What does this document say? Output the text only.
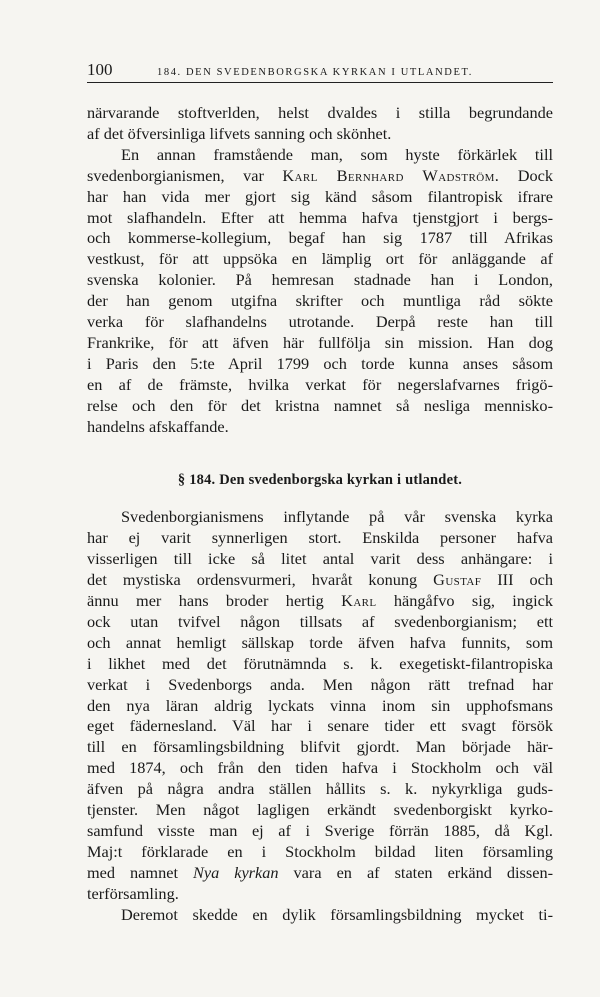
100	184. DEN SVEDENBORGSKA KYRKAN I UTLANDET.
närvarande stoftverlden, helst dvaldes i stilla begrundande
af det öfversinliga lifvets sanning och skönhet.
En annan framstående man, som hyste förkärlek till
svedenborgianismen, var Karl Bernhard Wadström. Dock
har han vida mer gjort sig känd såsom filantropisk ifrare
mot slafhandeln. Efter att hemma hafva tjenstgjort i bergs-
och kommerse-kollegium, begaf han sig 1787 till Afrikas
vestkust, för att uppsöka en lämplig ort för anläggande af
svenska kolonier. På hemresan stadnade han i London,
der han genom utgifna skrifter och muntliga råd sökte
verka för slafhandelns utrotande. Derpå reste han till
Frankrike, för att äfven här fullfölja sin mission. Han dog
i Paris den 5:te April 1799 och torde kunna anses såsom
en af de främste, hvilka verkat för negerslafvarnes frigö-
relse och den för det kristna namnet så nesliga mennisko-
handelns afskaffande.
§ 184. Den svedenborgska kyrkan i utlandet.
Svedenborgianismens inflytande på vår svenska kyrka
har ej varit synnerligen stort. Enskilda personer hafva
visserligen till icke så litet antal varit dess anhängare: i
det mystiska ordensvurmeri, hvaråt konung Gustaf III och
ännu mer hans broder hertig Karl hängåfvo sig, ingick
ock utan tvifvel någon tillsats af svedenborgianism; ett
och annat hemligt sällskap torde äfven hafva funnits, som
i likhet med det förutnämnda s. k. exegetiskt-filantropiska
verkat i Svedenborgs anda. Men någon rätt trefnad har
den nya läran aldrig lyckats vinna inom sin upphofsmans
eget fädernesland. Väl har i senare tider ett svagt försök
till en församlingsbildning blifvit gjordt. Man började här-
med 1874, och från den tiden hafva i Stockholm och väl
äfven på några andra ställen hållits s. k. nykyrkliga guds-
tjenster. Men något lagligen erkändt svedenborgiskt kyrko-
samfund visste man ej af i Sverige förrän 1885, då Kgl.
Maj:t förklarade en i Stockholm bildad liten församling
med namnet Nya kyrkan vara en af staten erkänd dissen-
terförsamling.
Deremot skedde en dylik församlingsbildning mycket ti-
